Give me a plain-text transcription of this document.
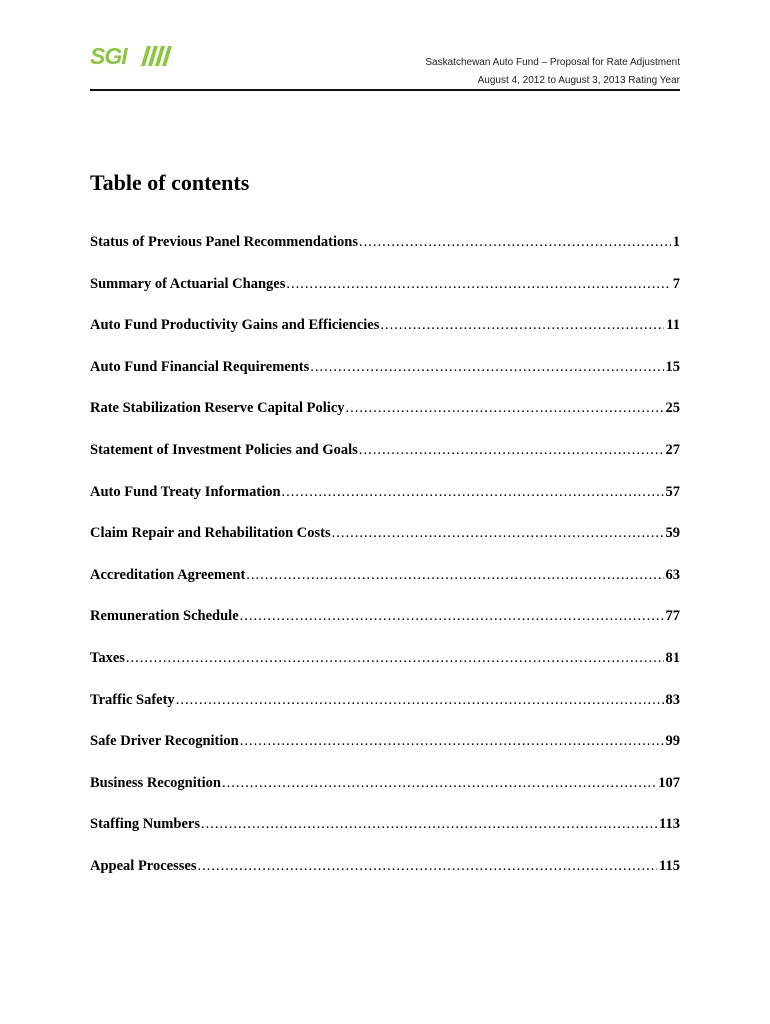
SGI	Saskatchewan Auto Fund – Proposal for Rate Adjustment
August 4, 2012 to August 3, 2013 Rating Year
Table of contents
Status of Previous Panel Recommendations .....	1
Summary of Actuarial Changes .....	7
Auto Fund Productivity Gains and Efficiencies .....	11
Auto Fund Financial Requirements .....	15
Rate Stabilization Reserve Capital Policy .....	25
Statement of Investment Policies and Goals .....	27
Auto Fund Treaty Information .....	57
Claim Repair and Rehabilitation Costs .....	59
Accreditation Agreement .....	63
Remuneration Schedule .....	77
Taxes .....	81
Traffic Safety .....	83
Safe Driver Recognition .....	99
Business Recognition .....	107
Staffing Numbers .....	113
Appeal Processes .....	115
